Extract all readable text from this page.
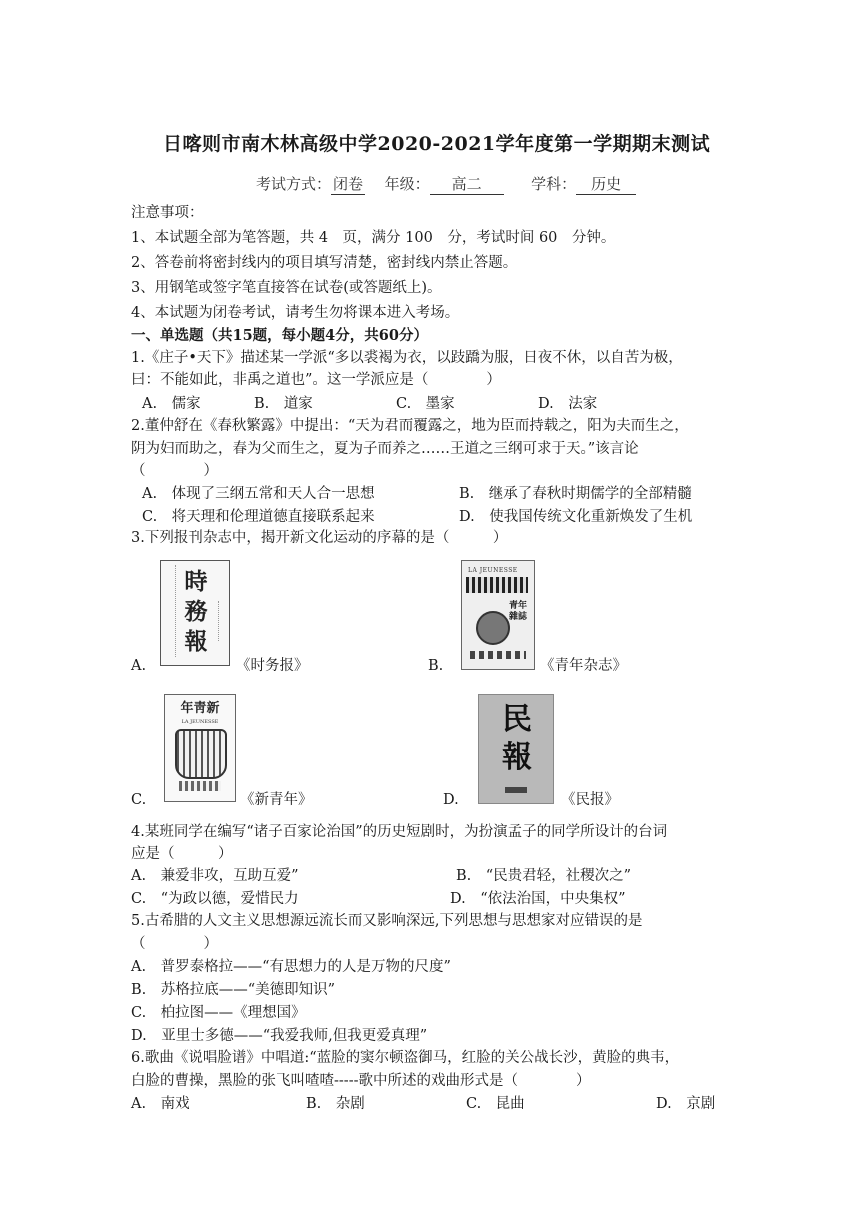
日喀则市南木林高级中学2020-2021学年度第一学期期末测试
考试方式： 闭卷 年级： 高二	学科： 历史
注意事项：
1、本试题全部为笔答题，共 4　页，满分 100　分，考试时间 60　分钟。
2、答卷前将密封线内的项目填写清楚，密封线内禁止答题。
3、用钢笔或签字笔直接答在试卷(或答题纸上)。
4、本试题为闭卷考试，请考生勿将课本进入考场。
一、单选题（共15题，每小题4分，共60分）
1.《庄子•天下》描述某一学派“多以裘褐为衣，以跂蹻为服，日夜不休，以自苦为极，
曰：不能如此，非禹之道也”。这一学派应是（　　　　）
A.　儒家	B.　道家	C.　墨家	D.　法家
2.董仲舒在《春秋繁露》中提出：“天为君而覆露之，地为臣而持载之，阳为夫而生之，
阴为妇而助之，春为父而生之，夏为子而养之……王道之三纲可求于天。”该言论
（　　　　）
A.　体现了三纲五常和天人合一思想	B.　继承了春秋时期儒学的全部精髓
C.　将天理和伦理道德直接联系起来	D.　使我国传统文化重新焕发了生机
3.下列报刊杂志中，揭开新文化运动的序幕的是（　　　）
時務報
A.	《时务报》
LA JEUNESSE
青年雜誌
B.	《青年杂志》
年靑新
LA JEUNESSE
C.	《新青年》
民報
D.	《民报》
4.某班同学在编写“诸子百家论治国”的历史短剧时，为扮演孟子的同学所设计的台词
应是（　　　）
A.　兼爱非攻，互助互爱”	B.　“民贵君轻，社稷次之”
C.　“为政以德，爱惜民力	D.　“依法治国，中央集权”
5.古希腊的人文主义思想源远流长而又影响深远,下列思想与思想家对应错误的是
（　　　　）
A.　普罗泰格拉——“有思想力的人是万物的尺度”
B.　苏格拉底——“美德即知识”
C.　柏拉图——《理想国》
D.　亚里士多德——“我爱我师,但我更爱真理”
6.歌曲《说唱脸谱》中唱道:“蓝脸的窦尔顿盗御马，红脸的关公战长沙，黄脸的典韦，
白脸的曹操，黑脸的张飞叫喳喳-----歌中所述的戏曲形式是（　　　　）
A.　南戏	B.　杂剧	C.　昆曲	D.　京剧
